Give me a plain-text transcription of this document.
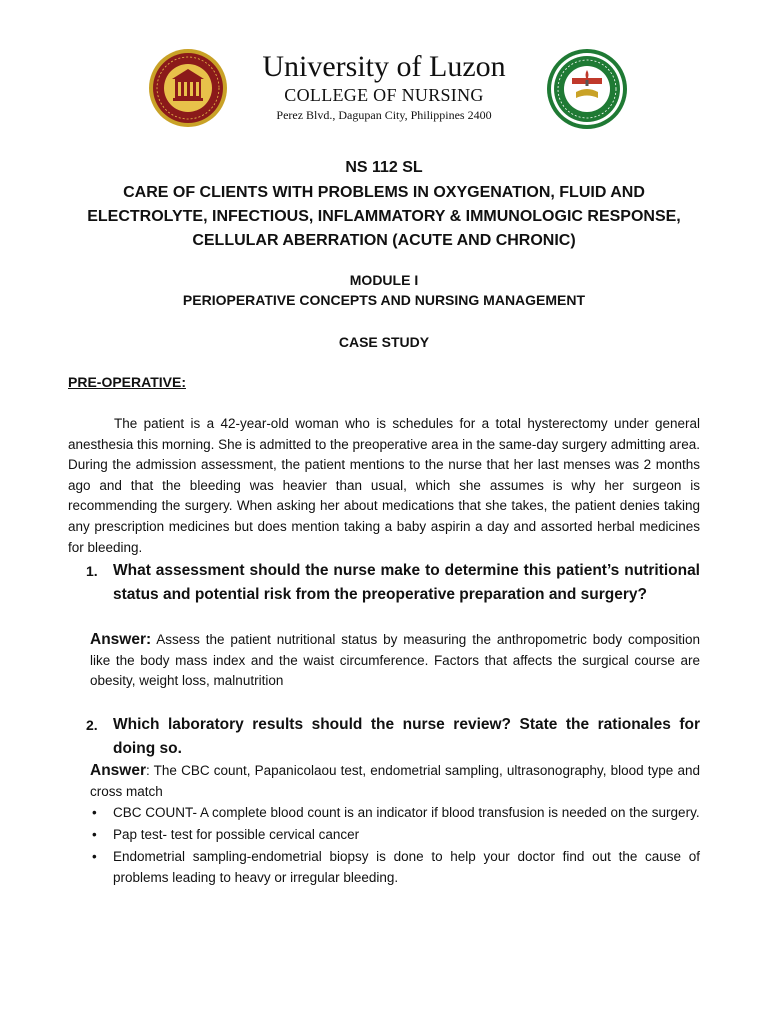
University of Luzon
COLLEGE OF NURSING
Perez Blvd., Dagupan City, Philippines 2400
NS 112 SL
CARE OF CLIENTS WITH PROBLEMS IN OXYGENATION, FLUID AND ELECTROLYTE, INFECTIOUS, INFLAMMATORY & IMMUNOLOGIC RESPONSE, CELLULAR ABERRATION (ACUTE AND CHRONIC)
MODULE I
PERIOPERATIVE CONCEPTS AND NURSING MANAGEMENT
CASE STUDY
PRE-OPERATIVE:

The patient is a 42-year-old woman who is schedules for a total hysterectomy under general anesthesia this morning. She is admitted to the preoperative area in the same-day surgery admitting area. During the admission assessment, the patient mentions to the nurse that her last menses was 2 months ago and that the bleeding was heavier than usual, which she assumes is why her surgeon is recommending the surgery. When asking her about medications that she takes, the patient denies taking any prescription medicines but does mention taking a baby aspirin a day and assorted herbal medicines for bleeding.

1. What assessment should the nurse make to determine this patient’s nutritional status and potential risk from the preoperative preparation and surgery?

Answer: Assess the patient nutritional status by measuring the anthropometric body composition like the body mass index and the waist circumference. Factors that affects the surgical course are obesity, weight loss, malnutrition

2. Which laboratory results should the nurse review? State the rationales for doing so.

Answer: The CBC count, Papanicolaou test, endometrial sampling, ultrasonography, blood type and cross match

• CBC COUNT- A complete blood count is an indicator if blood transfusion is needed on the surgery.
• Pap test- test for possible cervical cancer
• Endometrial sampling-endometrial biopsy is done to help your doctor find out the cause of problems leading to heavy or irregular bleeding.
